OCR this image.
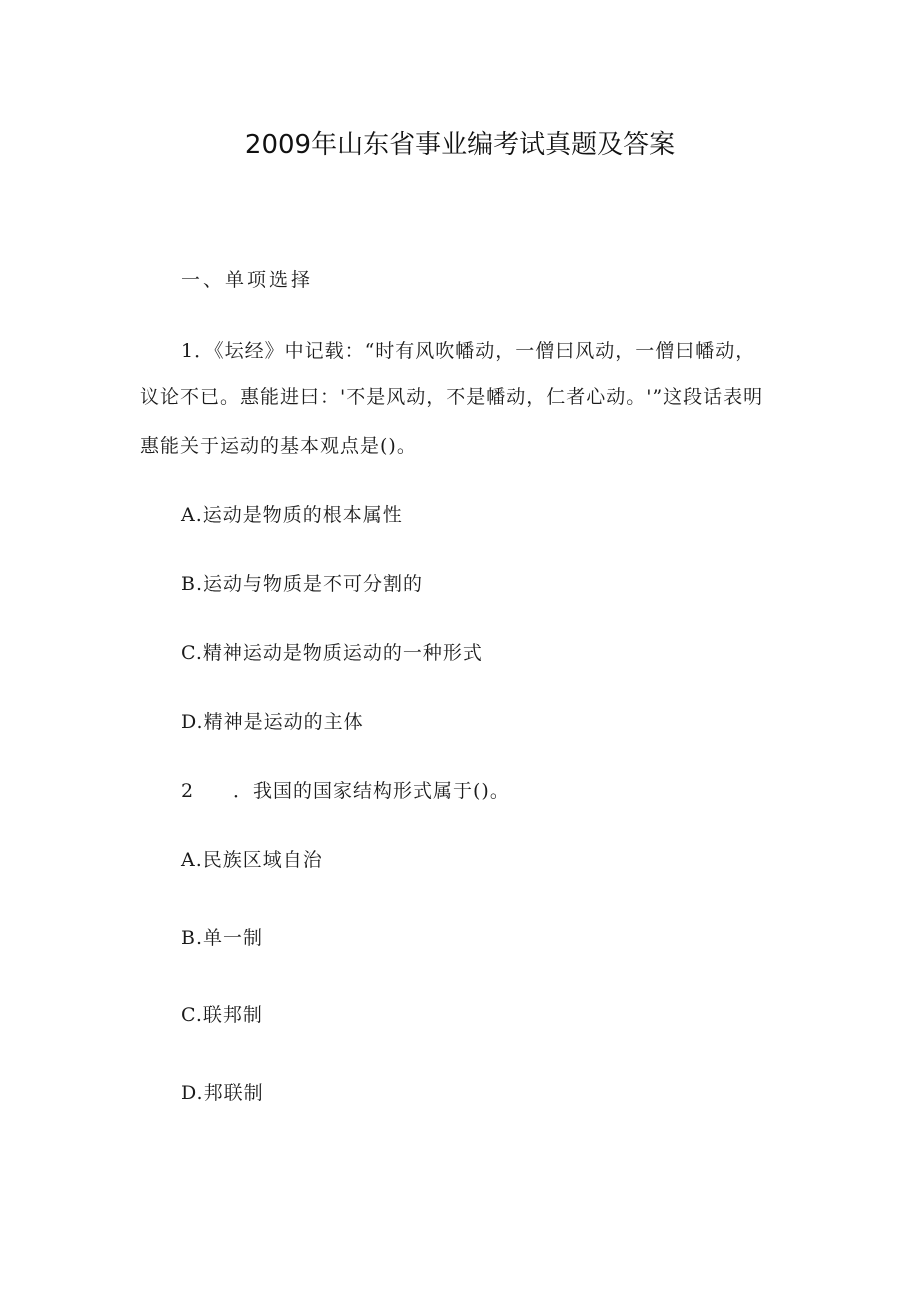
2009年山东省事业编考试真题及答案
一、单项选择
1．《坛经》中记载：“时有风吹幡动，一僧曰风动，一僧曰幡动，
议论不已。惠能进曰：'不是风动，不是幡动，仁者心动。'”这段话表明
惠能关于运动的基本观点是()。
A.运动是物质的根本属性
B.运动与物质是不可分割的
C.精神运动是物质运动的一种形式
D.精神是运动的主体
2 ．我国的国家结构形式属于()。
A.民族区域自治
B.单一制
C.联邦制
D.邦联制
